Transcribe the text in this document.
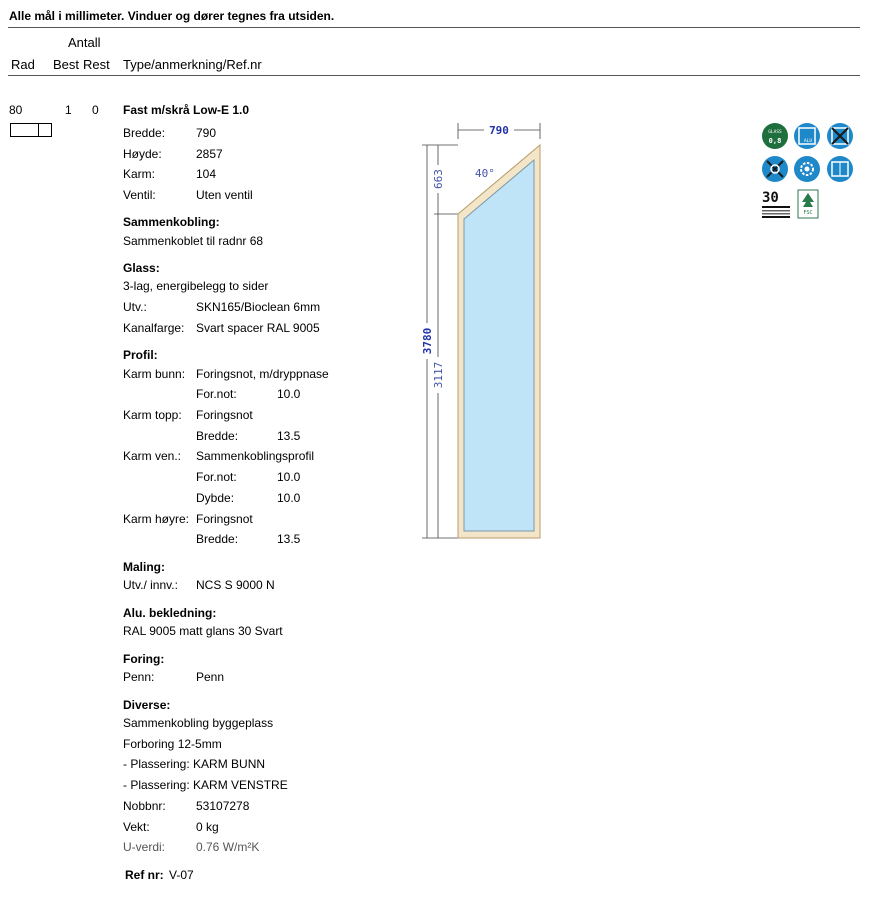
Alle mål i millimeter. Vinduer og dører tegnes fra utsiden.
Antall
Rad Best Rest Type/anmerkning/Ref.nr
80	1 0 Fast m/skrå Low-E 1.0
Bredde:	790
Høyde:	2857
Karm:	104
Ventil:	Uten ventil
Sammenkobling:
Sammenkoblet til radnr 68
Glass:
3-lag, energibelegg to sider
Utv.:	SKN165/Bioclean 6mm
Kanalfarge: Svart spacer RAL 9005
Profil:
Karm bunn: Foringsnot, m/dryppnase
For.not:	10.0
Karm topp: Foringsnot
Bredde:	13.5
Karm ven.: Sammenkoblingsprofil
For.not:	10.0
Dybde:	10.0
Karm høyre: Foringsnot
Bredde:	13.5
Maling:
Utv./ innv.: NCS S 9000 N
Alu. bekledning:
RAL 9005 matt glans 30 Svart
Foring:
Penn:	Penn
Diverse:
Sammenkobling byggeplass
Forboring 12-5mm
- Plassering: KARM BUNN
- Plassering: KARM VENSTRE
Nobbnr:	53107278
Vekt:	0 kg
U-verdi:	0.76 W/m²K
Ref nr: V-07
790
3780
663
3117
40°
GLASS
0,8	ALU
30
FSC
